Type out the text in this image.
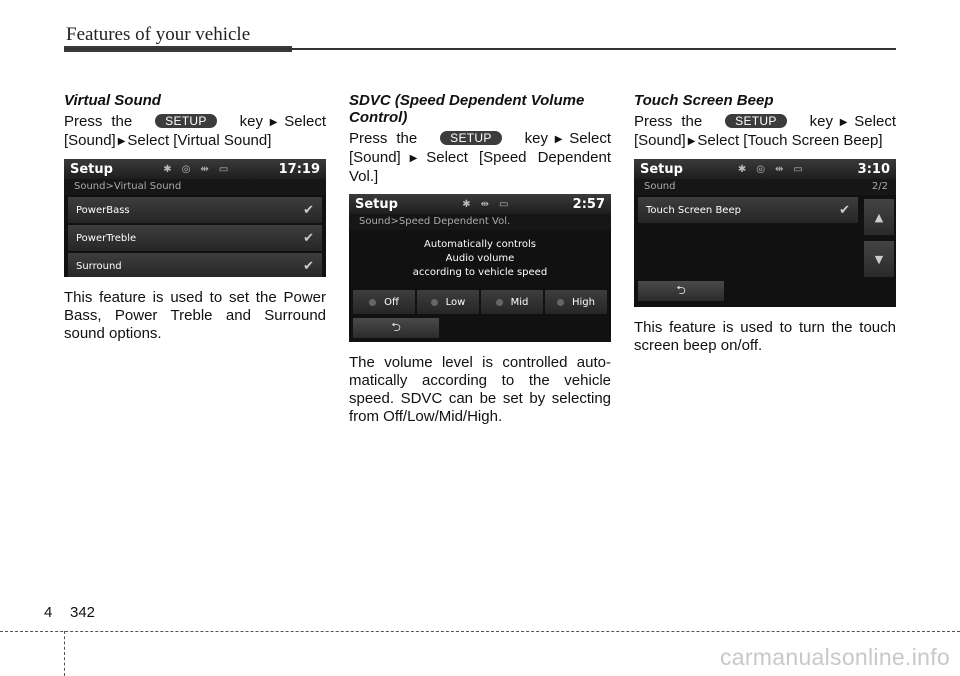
Features of your vehicle
Virtual Sound

Press the	SETUP key ▶ Select [Sound] ▶ Select [Virtual Sound]

Setup	✱ ◎ ⇹ ▭	17:19
Sound>Virtual Sound
PowerBass	✔
PowerTreble	✔
Surround	✔

This feature is used to set the Power Bass, Power Treble and Surround sound options.

SDVC (Speed Dependent Volume Control)

Press the	SETUP key ▶ Select [Sound] ▶ Select [Speed Dependent Vol.]

Setup	✱ ⇹ ▭	2:57
Sound>Speed Dependent Vol.
Automatically controls
Audio volume
according to vehicle speed
Off	Low	Mid	High
⮌

The volume level is controlled auto-matically according to the vehicle speed. SDVC can be set by selecting from Off/Low/Mid/High.

Touch Screen Beep

Press the	SETUP key ▶ Select [Sound] ▶ Select [Touch Screen Beep]

Setup	✱ ◎ ⇹ ▭	3:10
Sound	2/2
Touch Screen Beep	✔
⮌
▲
▼

This feature is used to turn the touch screen beep on/off.

4 342
carmanualsonline.info
